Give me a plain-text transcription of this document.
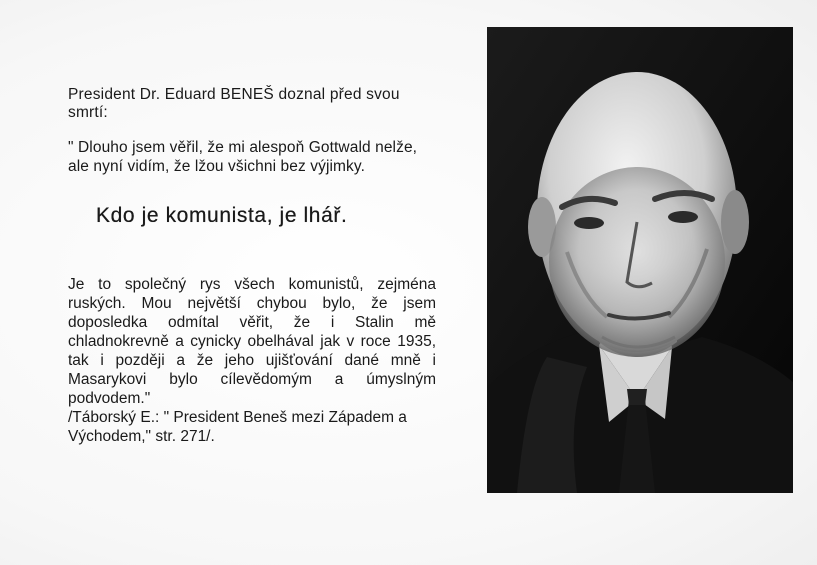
President Dr. Eduard BENEŠ doznal před svou smrtí:

" Dlouho jsem věřil, že mi alespoň Gottwald nelže, ale nyní vidím, že lžou všichni bez výjimky.

Kdo je komunista, je lhář.

Je to společný rys všech komunistů, zejména ruských. Mou největší chybou bylo, že jsem doposledka odmítal věřit, že i Stalin mě chladnokrevně a cynicky obelhával jak v roce 1935, tak i později a že jeho ujišťování dané mně i Masarykovi bylo cílevědomým a úmyslným podvodem."

/Táborský E.: " President Beneš mezi Západem a Východem," str. 271/.
